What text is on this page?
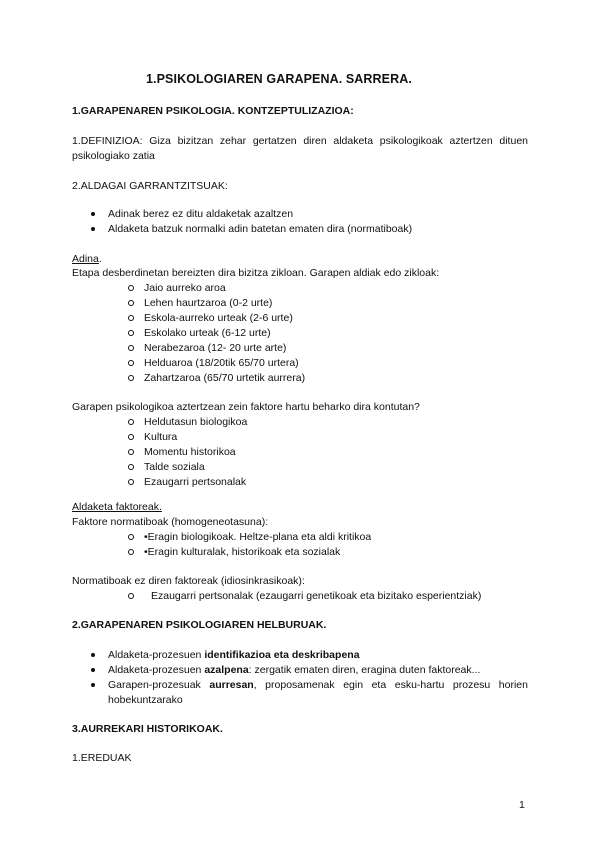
1.PSIKOLOGIAREN GARAPENA. SARRERA.
1.GARAPENAREN PSIKOLOGIA. KONTZEPTULIZAZIOA:
1.DEFINIZIOA: Giza bizitzan zehar gertatzen diren aldaketa psikologikoak aztertzen dituen
psikologiako zatia
2.ALDAGAI GARRANTZITSUAK:
Adinak berez ez ditu aldaketak azaltzen
Aldaketa batzuk normalki adin batetan ematen dira (normatiboak)
Adina.
Etapa desberdinetan bereizten dira bizitza zikloan. Garapen aldiak edo zikloak:
Jaio aurreko aroa
Lehen haurtzaroa (0-2 urte)
Eskola-aurreko urteak (2-6 urte)
Eskolako urteak (6-12 urte)
Nerabezaroa (12- 20 urte arte)
Helduaroa (18/20tik 65/70 urtera)
Zahartzaroa (65/70 urtetik aurrera)
Garapen psikologikoa aztertzean zein faktore hartu beharko dira kontutan?
Heldutasun biologikoa
Kultura
Momentu historikoa
Talde soziala
Ezaugarri pertsonalak
Aldaketa faktoreak.
Faktore normatiboak (homogeneotasuna):
•Eragin biologikoak. Heltze-plana eta aldi kritikoa
•Eragin kulturalak, historikoak eta sozialak
Normatiboak ez diren faktoreak (idiosinkrasikoak):
Ezaugarri pertsonalak (ezaugarri genetikoak eta bizitako esperientziak)
2.GARAPENAREN PSIKOLOGIAREN HELBURUAK.
Aldaketa-prozesuen identifikazioa eta deskribapena
Aldaketa-prozesuen azalpena: zergatik ematen diren, eragina duten faktoreak...
Garapen-prozesuak aurresan, proposamenak egin eta esku-hartu prozesu horien
hobekuntzarako
3.AURREKARI HISTORIKOAK.
1.EREDUAK
1
